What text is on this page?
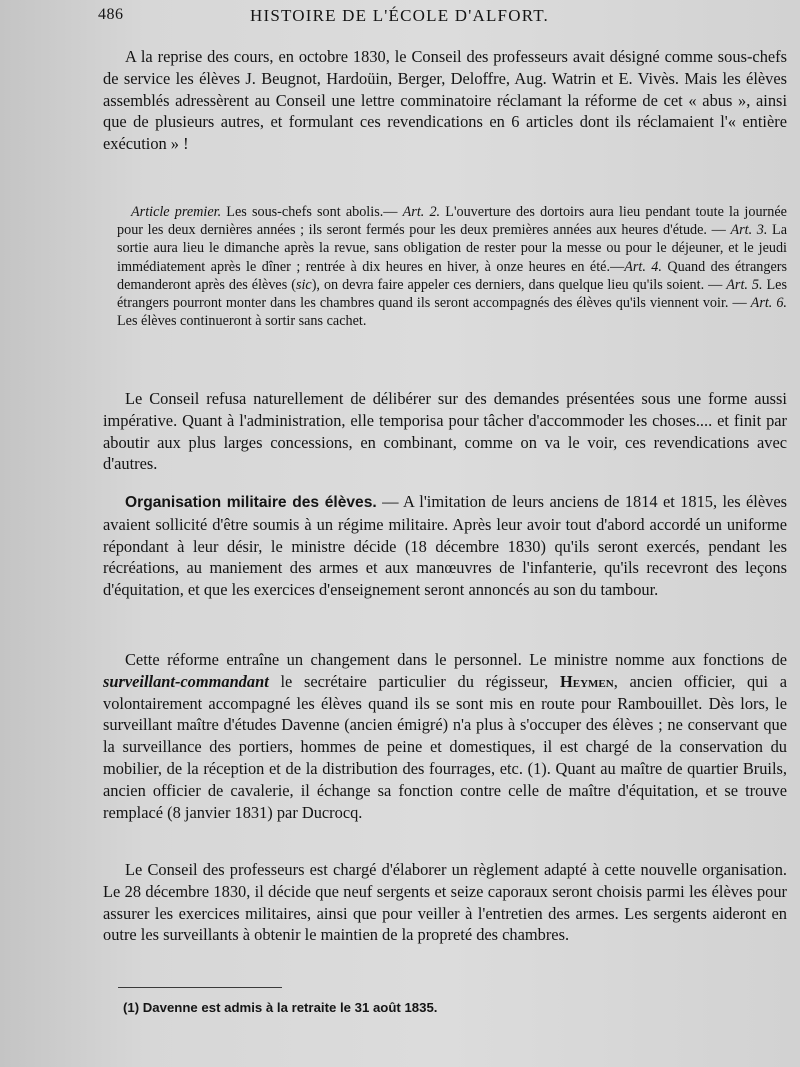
486	HISTOIRE DE L'ÉCOLE D'ALFORT.

A la reprise des cours, en octobre 1830, le Conseil des professeurs avait désigné comme sous-chefs de service les élèves J. Beugnot, Hardoüin, Berger, Deloffre, Aug. Watrin et E. Vivès. Mais les élèves assemblés adressèrent au Conseil une lettre comminatoire réclamant la réforme de cet « abus », ainsi que de plusieurs autres, et formulant ces revendications en 6 articles dont ils réclamaient l'« entière exécution » !

Article premier. Les sous-chefs sont abolis.— Art. 2. L'ouverture des dortoirs aura lieu pendant toute la journée pour les deux dernières années ; ils seront fermés pour les deux premières années aux heures d'étude. — Art. 3. La sortie aura lieu le dimanche après la revue, sans obligation de rester pour la messe ou pour le déjeuner, et le jeudi immédiatement après le dîner ; rentrée à dix heures en hiver, à onze heures en été.—Art. 4. Quand des étrangers demanderont après des élèves (sic), on devra faire appeler ces derniers, dans quelque lieu qu'ils soient. — Art. 5. Les étrangers pourront monter dans les chambres quand ils seront accompagnés des élèves qu'ils viennent voir. — Art. 6. Les élèves continueront à sortir sans cachet.

Le Conseil refusa naturellement de délibérer sur des demandes présentées sous une forme aussi impérative. Quant à l'administration, elle temporisa pour tâcher d'accommoder les choses.... et finit par aboutir aux plus larges concessions, en combinant, comme on va le voir, ces revendications avec d'autres.

Organisation militaire des élèves. — A l'imitation de leurs anciens de 1814 et 1815, les élèves avaient sollicité d'être soumis à un régime militaire. Après leur avoir tout d'abord accordé un uniforme répondant à leur désir, le ministre décide (18 décembre 1830) qu'ils seront exercés, pendant les récréations, au maniement des armes et aux manœuvres de l'infanterie, qu'ils recevront des leçons d'équitation, et que les exercices d'enseignement seront annoncés au son du tambour.

Cette réforme entraîne un changement dans le personnel. Le ministre nomme aux fonctions de surveillant-commandant le secrétaire particulier du régisseur, Heymen, ancien officier, qui a volontairement accompagné les élèves quand ils se sont mis en route pour Rambouillet. Dès lors, le surveillant maître d'études Davenne (ancien émigré) n'a plus à s'occuper des élèves ; ne conservant que la surveillance des portiers, hommes de peine et domestiques, il est chargé de la conservation du mobilier, de la réception et de la distribution des fourrages, etc. (1). Quant au maître de quartier Bruils, ancien officier de cavalerie, il échange sa fonction contre celle de maître d'équitation, et se trouve remplacé (8 janvier 1831) par Ducrocq.

Le Conseil des professeurs est chargé d'élaborer un règlement adapté à cette nouvelle organisation. Le 28 décembre 1830, il décide que neuf sergents et seize caporaux seront choisis parmi les élèves pour assurer les exercices militaires, ainsi que pour veiller à l'entretien des armes. Les sergents aideront en outre les surveillants à obtenir le maintien de la propreté des chambres.

(1) Davenne est admis à la retraite le 31 août 1835.
